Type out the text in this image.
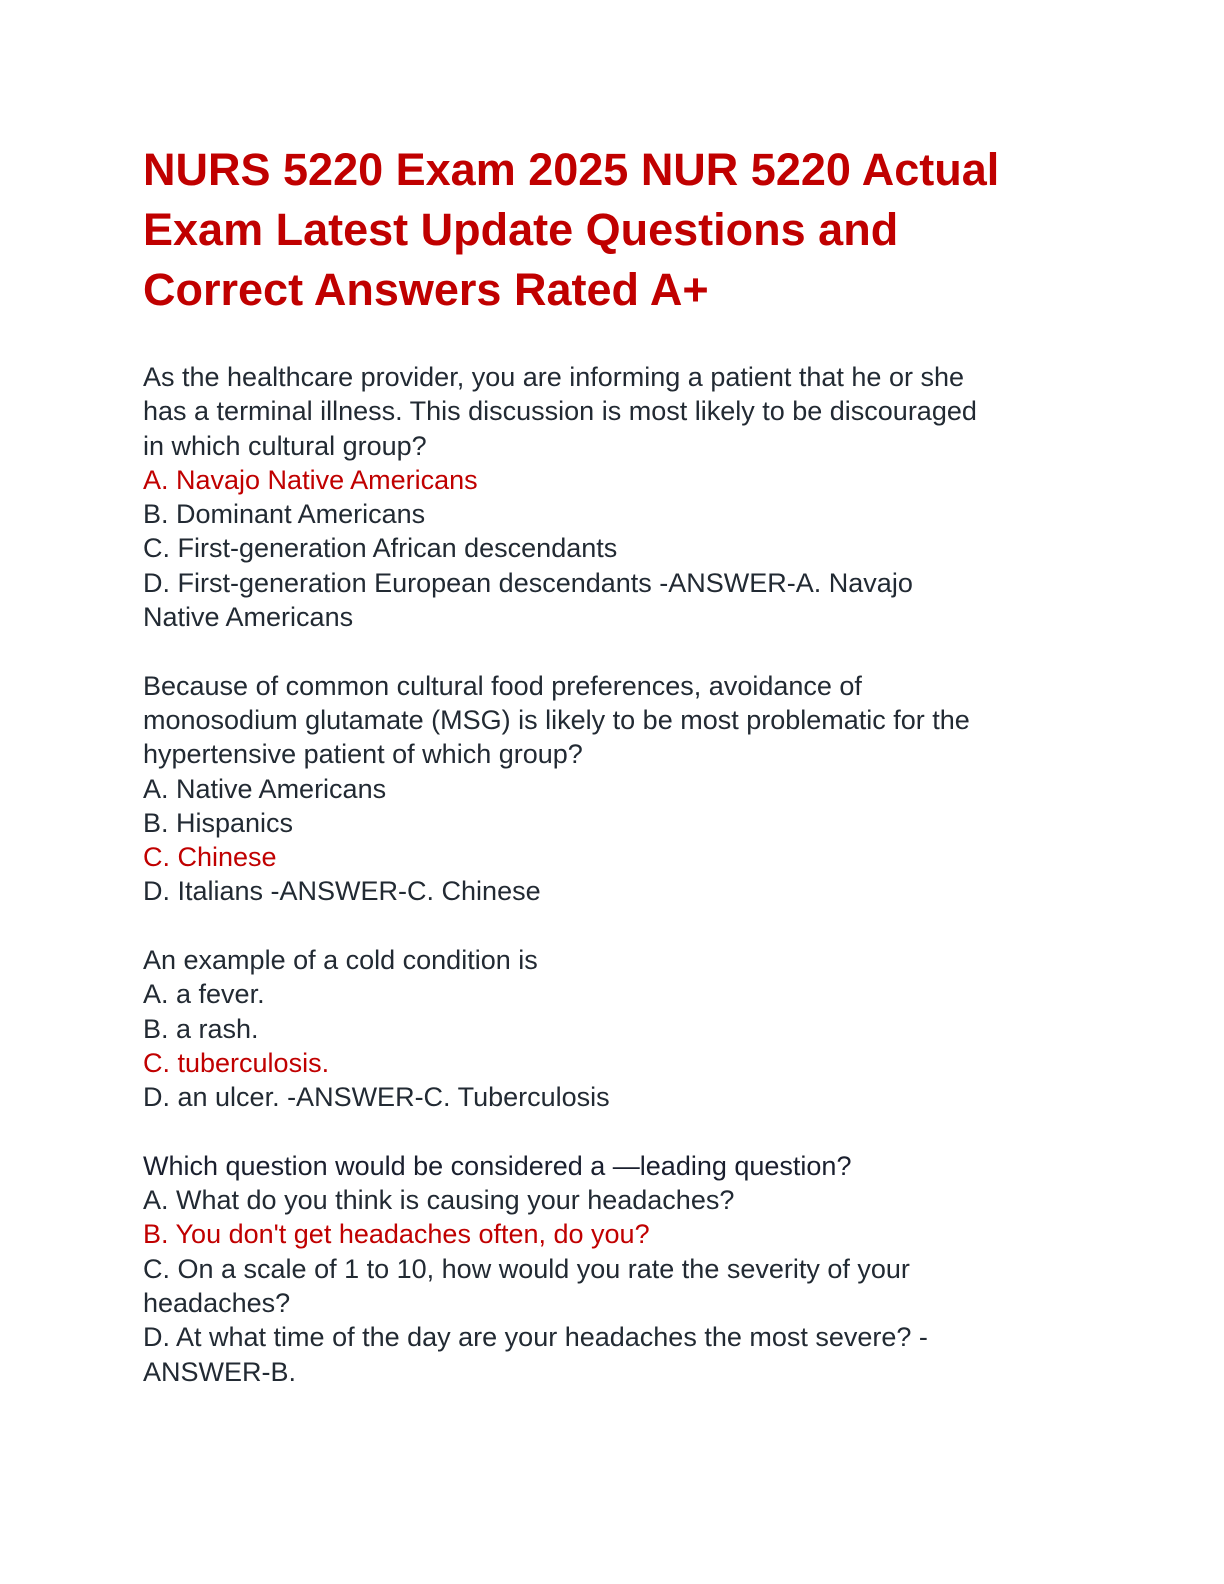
NURS 5220 Exam 2025 NUR 5220 Actual
Exam Latest Update Questions and
Correct Answers Rated A+
As the healthcare provider, you are informing a patient that he or she
has a terminal illness. This discussion is most likely to be discouraged
in which cultural group?
A. Navajo Native Americans
B. Dominant Americans
C. First-generation African descendants
D. First-generation European descendants -ANSWER-A. Navajo
Native Americans
Because of common cultural food preferences, avoidance of
monosodium glutamate (MSG) is likely to be most problematic for the
hypertensive patient of which group?
A. Native Americans
B. Hispanics
C. Chinese
D. Italians -ANSWER-C. Chinese
An example of a cold condition is
A. a fever.
B. a rash.
C. tuberculosis.
D. an ulcer. -ANSWER-C. Tuberculosis
Which question would be considered a —leading question?
A. What do you think is causing your headaches?
B. You don't get headaches often, do you?
C. On a scale of 1 to 10, how would you rate the severity of your
headaches?
D. At what time of the day are your headaches the most severe? -
ANSWER-B.
